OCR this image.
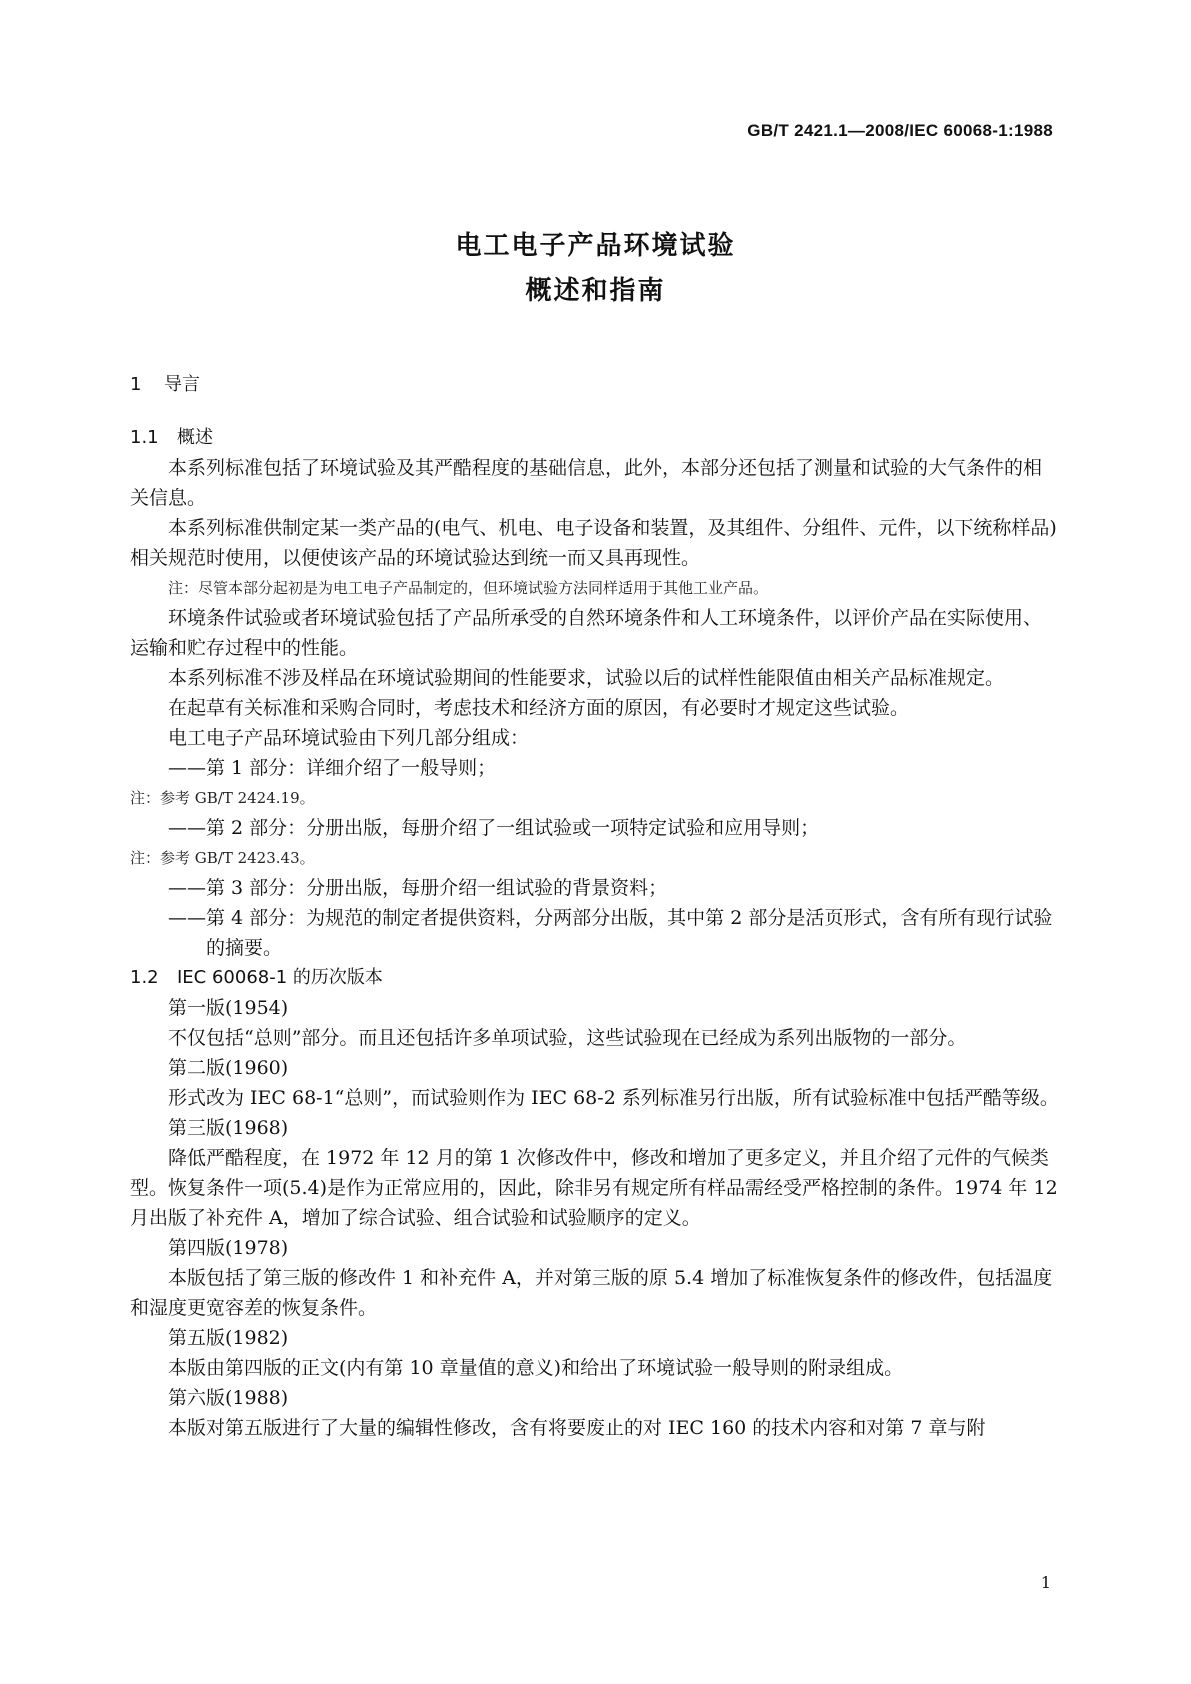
GB/T 2421.1—2008/IEC 60068-1:1988
电工电子产品环境试验
概述和指南
1 导言
1.1 概述

本系列标准包括了环境试验及其严酷程度的基础信息，此外，本部分还包括了测量和试验的大气条件的相关信息。

本系列标准供制定某一类产品的(电气、机电、电子设备和装置，及其组件、分组件、元件，以下统称样品)相关规范时使用，以便使该产品的环境试验达到统一而又具再现性。

注：尽管本部分起初是为电工电子产品制定的，但环境试验方法同样适用于其他工业产品。

环境条件试验或者环境试验包括了产品所承受的自然环境条件和人工环境条件，以评价产品在实际使用、运输和贮存过程中的性能。

本系列标准不涉及样品在环境试验期间的性能要求，试验以后的试样性能限值由相关产品标准规定。

在起草有关标准和采购合同时，考虑技术和经济方面的原因，有必要时才规定这些试验。

电工电子产品环境试验由下列几部分组成：

——第 1 部分：详细介绍了一般导则；

注：参考 GB/T 2424.19。

——第 2 部分：分册出版，每册介绍了一组试验或一项特定试验和应用导则；

注：参考 GB/T 2423.43。

——第 3 部分：分册出版，每册介绍一组试验的背景资料；

——第 4 部分：为规范的制定者提供资料，分两部分出版，其中第 2 部分是活页形式，含有所有现行试验的摘要。

1.2 IEC 60068-1 的历次版本

第一版(1954)

不仅包括“总则”部分。而且还包括许多单项试验，这些试验现在已经成为系列出版物的一部分。

第二版(1960)

形式改为 IEC 68-1“总则”，而试验则作为 IEC 68-2 系列标准另行出版，所有试验标准中包括严酷等级。

第三版(1968)

降低严酷程度，在 1972 年 12 月的第 1 次修改件中，修改和增加了更多定义，并且介绍了元件的气候类型。恢复条件一项(5.4)是作为正常应用的，因此，除非另有规定所有样品需经受严格控制的条件。1974 年 12 月出版了补充件 A，增加了综合试验、组合试验和试验顺序的定义。

第四版(1978)

本版包括了第三版的修改件 1 和补充件 A，并对第三版的原 5.4 增加了标准恢复条件的修改件，包括温度和湿度更宽容差的恢复条件。

第五版(1982)

本版由第四版的正文(内有第 10 章量值的意义)和给出了环境试验一般导则的附录组成。

第六版(1988)

本版对第五版进行了大量的编辑性修改，含有将要废止的对 IEC 160 的技术内容和对第 7 章与附

1
